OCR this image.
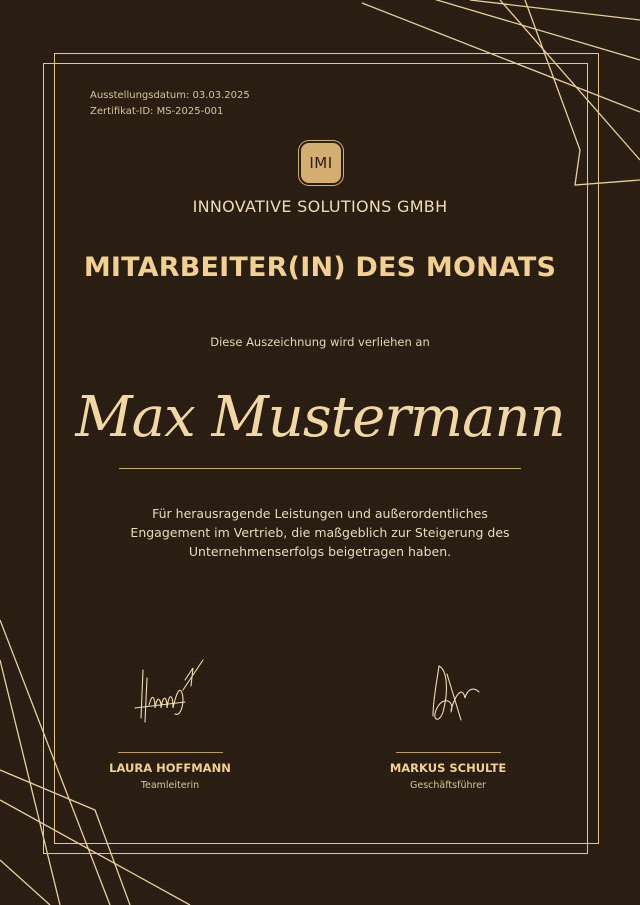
Ausstellungsdatum: 03.03.2025
Zertifikat-ID: MS-2025-001
IMI
INNOVATIVE SOLUTIONS GMBH
MITARBEITER(IN) DES MONATS
Diese Auszeichnung wird verliehen an
Max Mustermann
Für herausragende Leistungen und außerordentliches Engagement im Vertrieb, die maßgeblich zur Steigerung des Unternehmenserfolgs beigetragen haben.
LAURA HOFFMANN
Teamleiterin
MARKUS SCHULTE
Geschäftsführer
